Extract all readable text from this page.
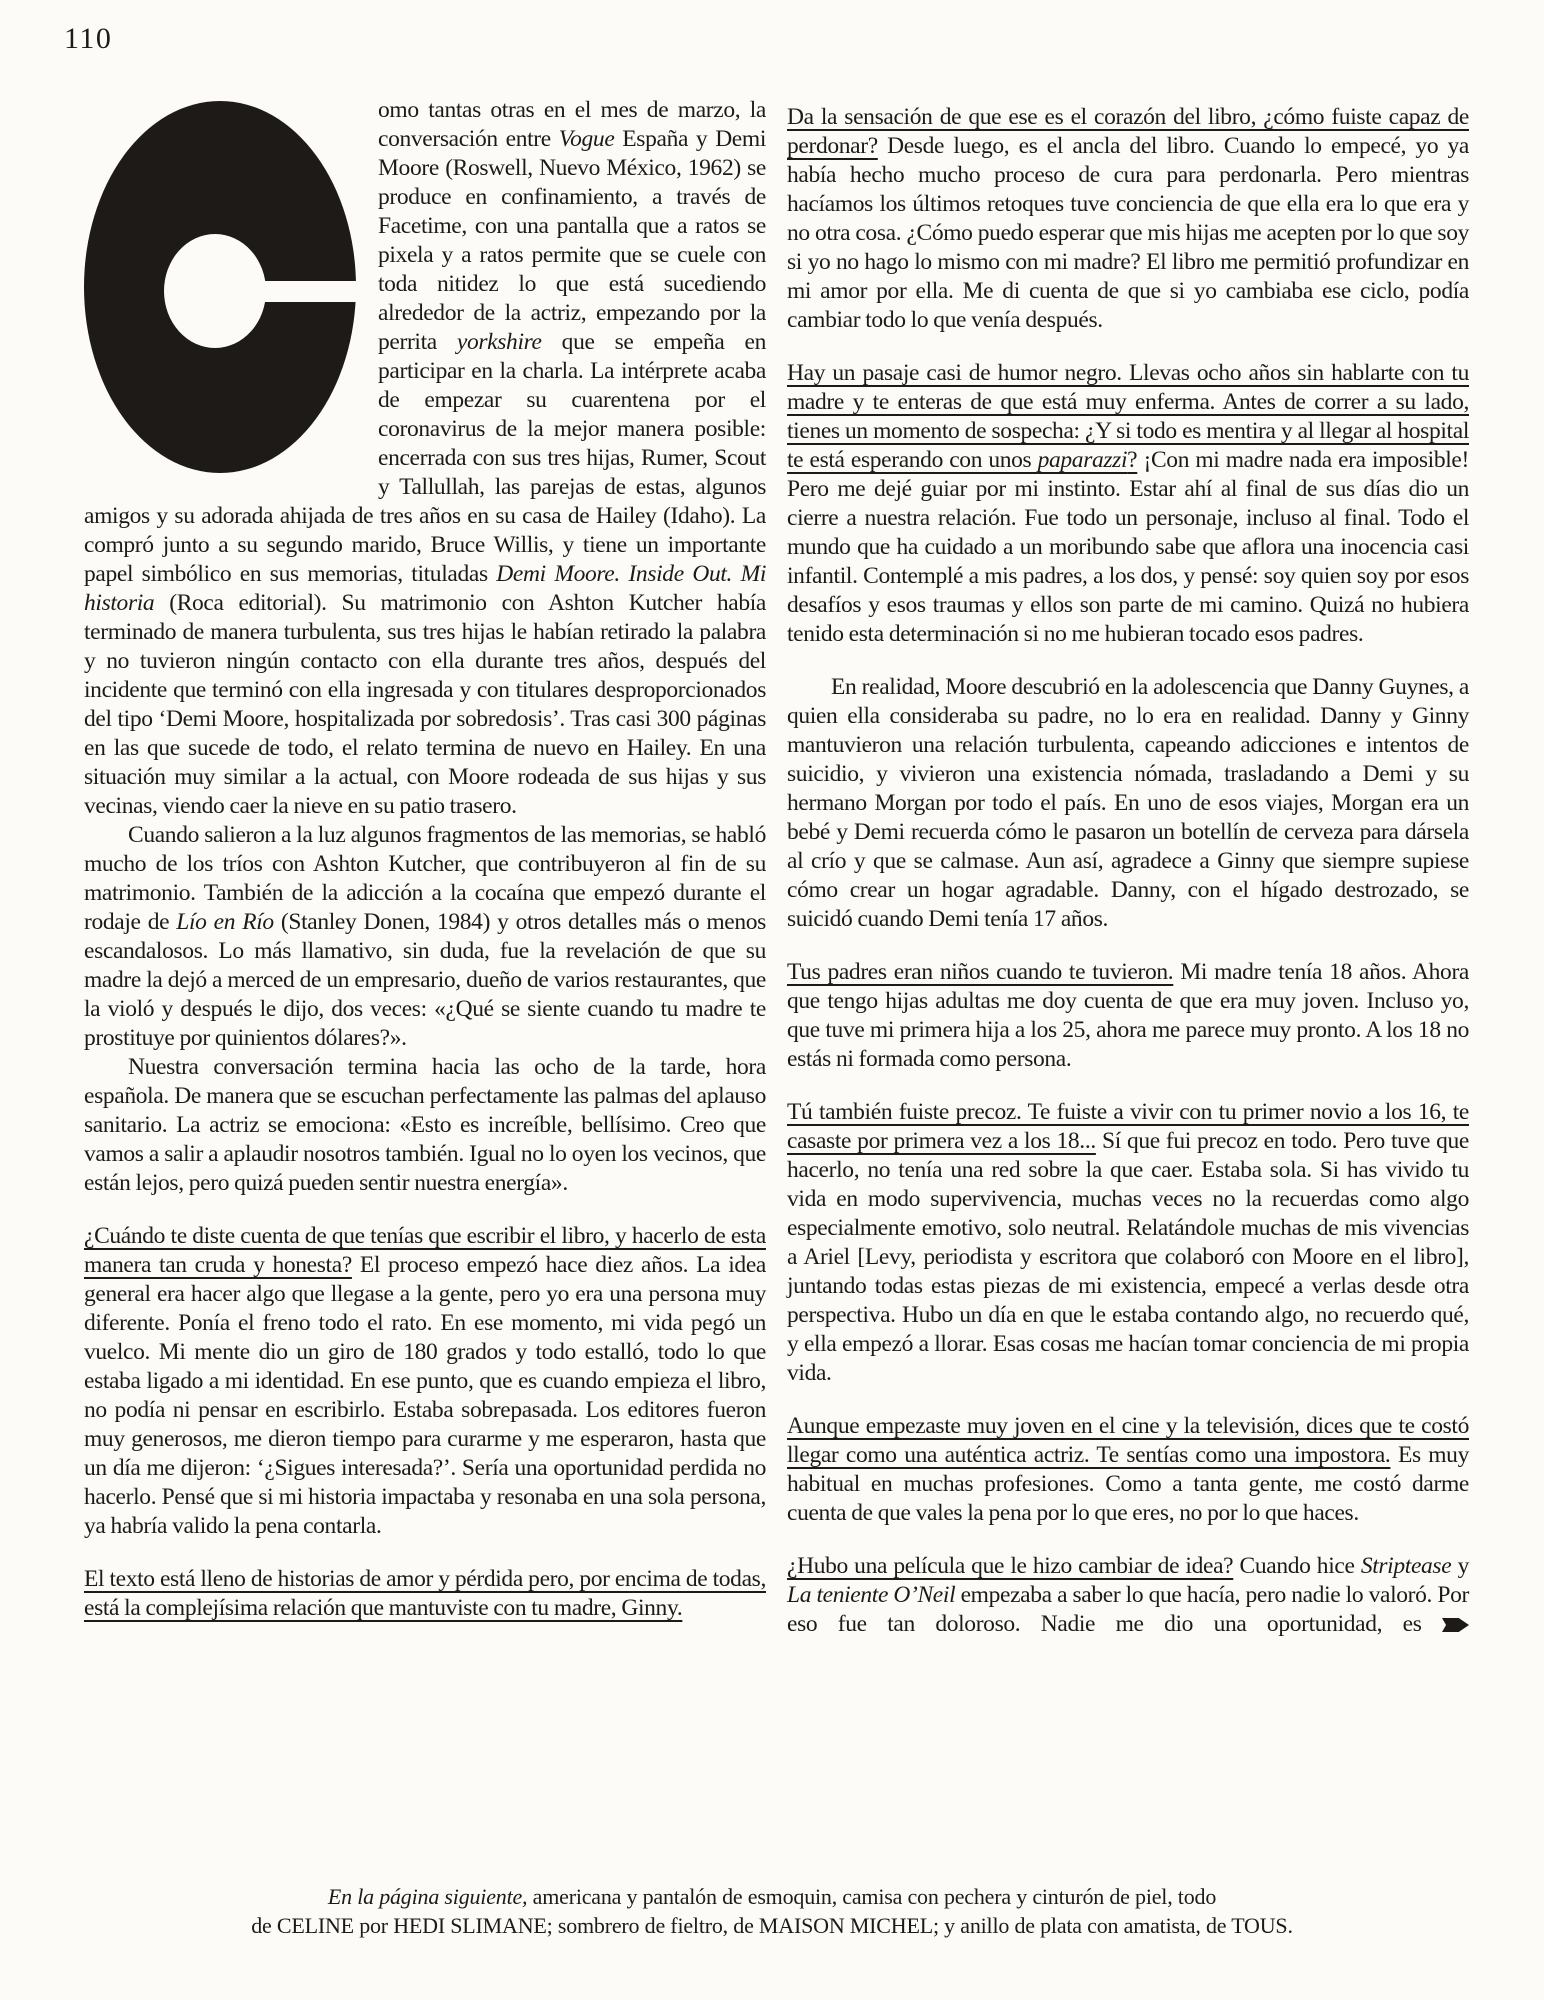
110

omo tantas otras en el mes de marzo, la conversación entre Vogue España y Demi Moore (Roswell, Nuevo México, 1962) se produce en confinamiento, a través de Facetime, con una pantalla que a ratos se pixela y a ratos permite que se cuele con toda nitidez lo que está sucediendo alrededor de la actriz, empezando por la perrita yorkshire que se empeña en participar en la charla. La intérprete acaba de empezar su cuarentena por el coronavirus de la mejor manera posible: encerrada con sus tres hijas, Rumer, Scout y Tallullah, las parejas de estas, algunos amigos y su adorada ahijada de tres años en su casa de Hailey (Idaho). La compró junto a su segundo marido, Bruce Willis, y tiene un importante papel simbólico en sus memorias, tituladas Demi Moore. Inside Out. Mi historia (Roca editorial). Su matrimonio con Ashton Kutcher había terminado de manera turbulenta, sus tres hijas le habían retirado la palabra y no tuvieron ningún contacto con ella durante tres años, después del incidente que terminó con ella ingresada y con titulares desproporcionados del tipo ‘Demi Moore, hospitalizada por sobredosis’. Tras casi 300 páginas en las que sucede de todo, el relato termina de nuevo en Hailey. En una situación muy similar a la actual, con Moore rodeada de sus hijas y sus vecinas, viendo caer la nieve en su patio trasero.

Cuando salieron a la luz algunos fragmentos de las memorias, se habló mucho de los tríos con Ashton Kutcher, que contribuyeron al fin de su matrimonio. También de la adicción a la cocaína que empezó durante el rodaje de Lío en Río (Stanley Donen, 1984) y otros detalles más o menos escandalosos. Lo más llamativo, sin duda, fue la revelación de que su madre la dejó a merced de un empresario, dueño de varios restaurantes, que la violó y después le dijo, dos veces: «¿Qué se siente cuando tu madre te prostituye por quinientos dólares?».

Nuestra conversación termina hacia las ocho de la tarde, hora española. De manera que se escuchan perfectamente las palmas del aplauso sanitario. La actriz se emociona: «Esto es increíble, bellísimo. Creo que vamos a salir a aplaudir nosotros también. Igual no lo oyen los vecinos, que están lejos, pero quizá pueden sentir nuestra energía».

¿Cuándo te diste cuenta de que tenías que escribir el libro, y hacerlo de esta manera tan cruda y honesta? El proceso empezó hace diez años. La idea general era hacer algo que llegase a la gente, pero yo era una persona muy diferente. Ponía el freno todo el rato. En ese momento, mi vida pegó un vuelco. Mi mente dio un giro de 180 grados y todo estalló, todo lo que estaba ligado a mi identidad. En ese punto, que es cuando empieza el libro, no podía ni pensar en escribirlo. Estaba sobrepasada. Los editores fueron muy generosos, me dieron tiempo para curarme y me esperaron, hasta que un día me dijeron: ‘¿Sigues interesada?’. Sería una oportunidad perdida no hacerlo. Pensé que si mi historia impactaba y resonaba en una sola persona, ya habría valido la pena contarla.

El texto está lleno de historias de amor y pérdida pero, por encima de todas, está la complejísima relación que mantuviste con tu madre, Ginny.

Da la sensación de que ese es el corazón del libro, ¿cómo fuiste capaz de perdonar? Desde luego, es el ancla del libro. Cuando lo empecé, yo ya había hecho mucho proceso de cura para perdonarla. Pero mientras hacíamos los últimos retoques tuve conciencia de que ella era lo que era y no otra cosa. ¿Cómo puedo esperar que mis hijas me acepten por lo que soy si yo no hago lo mismo con mi madre? El libro me permitió profundizar en mi amor por ella. Me di cuenta de que si yo cambiaba ese ciclo, podía cambiar todo lo que venía después.

Hay un pasaje casi de humor negro. Llevas ocho años sin hablarte con tu madre y te enteras de que está muy enferma. Antes de correr a su lado, tienes un momento de sospecha: ¿Y si todo es mentira y al llegar al hospital te está esperando con unos paparazzi? ¡Con mi madre nada era imposible! Pero me dejé guiar por mi instinto. Estar ahí al final de sus días dio un cierre a nuestra relación. Fue todo un personaje, incluso al final. Todo el mundo que ha cuidado a un moribundo sabe que aflora una inocencia casi infantil. Contemplé a mis padres, a los dos, y pensé: soy quien soy por esos desafíos y esos traumas y ellos son parte de mi camino. Quizá no hubiera tenido esta determinación si no me hubieran tocado esos padres.

En realidad, Moore descubrió en la adolescencia que Danny Guynes, a quien ella consideraba su padre, no lo era en realidad. Danny y Ginny mantuvieron una relación turbulenta, capeando adicciones e intentos de suicidio, y vivieron una existencia nómada, trasladando a Demi y su hermano Morgan por todo el país. En uno de esos viajes, Morgan era un bebé y Demi recuerda cómo le pasaron un botellín de cerveza para dársela al crío y que se calmase. Aun así, agradece a Ginny que siempre supiese cómo crear un hogar agradable. Danny, con el hígado destrozado, se suicidó cuando Demi tenía 17 años.

Tus padres eran niños cuando te tuvieron. Mi madre tenía 18 años. Ahora que tengo hijas adultas me doy cuenta de que era muy joven. Incluso yo, que tuve mi primera hija a los 25, ahora me parece muy pronto. A los 18 no estás ni formada como persona.

Tú también fuiste precoz. Te fuiste a vivir con tu primer novio a los 16, te casaste por primera vez a los 18... Sí que fui precoz en todo. Pero tuve que hacerlo, no tenía una red sobre la que caer. Estaba sola. Si has vivido tu vida en modo supervivencia, muchas veces no la recuerdas como algo especialmente emotivo, solo neutral. Relatándole muchas de mis vivencias a Ariel [Levy, periodista y escritora que colaboró con Moore en el libro], juntando todas estas piezas de mi existencia, empecé a verlas desde otra perspectiva. Hubo un día en que le estaba contando algo, no recuerdo qué, y ella empezó a llorar. Esas cosas me hacían tomar conciencia de mi propia vida.

Aunque empezaste muy joven en el cine y la televisión, dices que te costó llegar como una auténtica actriz. Te sentías como una impostora. Es muy habitual en muchas profesiones. Como a tanta gente, me costó darme cuenta de que vales la pena por lo que eres, no por lo que haces.

¿Hubo una película que le hizo cambiar de idea? Cuando hice Striptease y La teniente O’Neil empezaba a saber lo que hacía, pero nadie lo valoró. Por eso fue tan doloroso. Nadie me dio una oportunidad, es

En la página siguiente, americana y pantalón de esmoquin, camisa con pechera y cinturón de piel, todo

de CELINE por HEDI SLIMANE; sombrero de fieltro, de MAISON MICHEL; y anillo de plata con amatista, de TOUS.
